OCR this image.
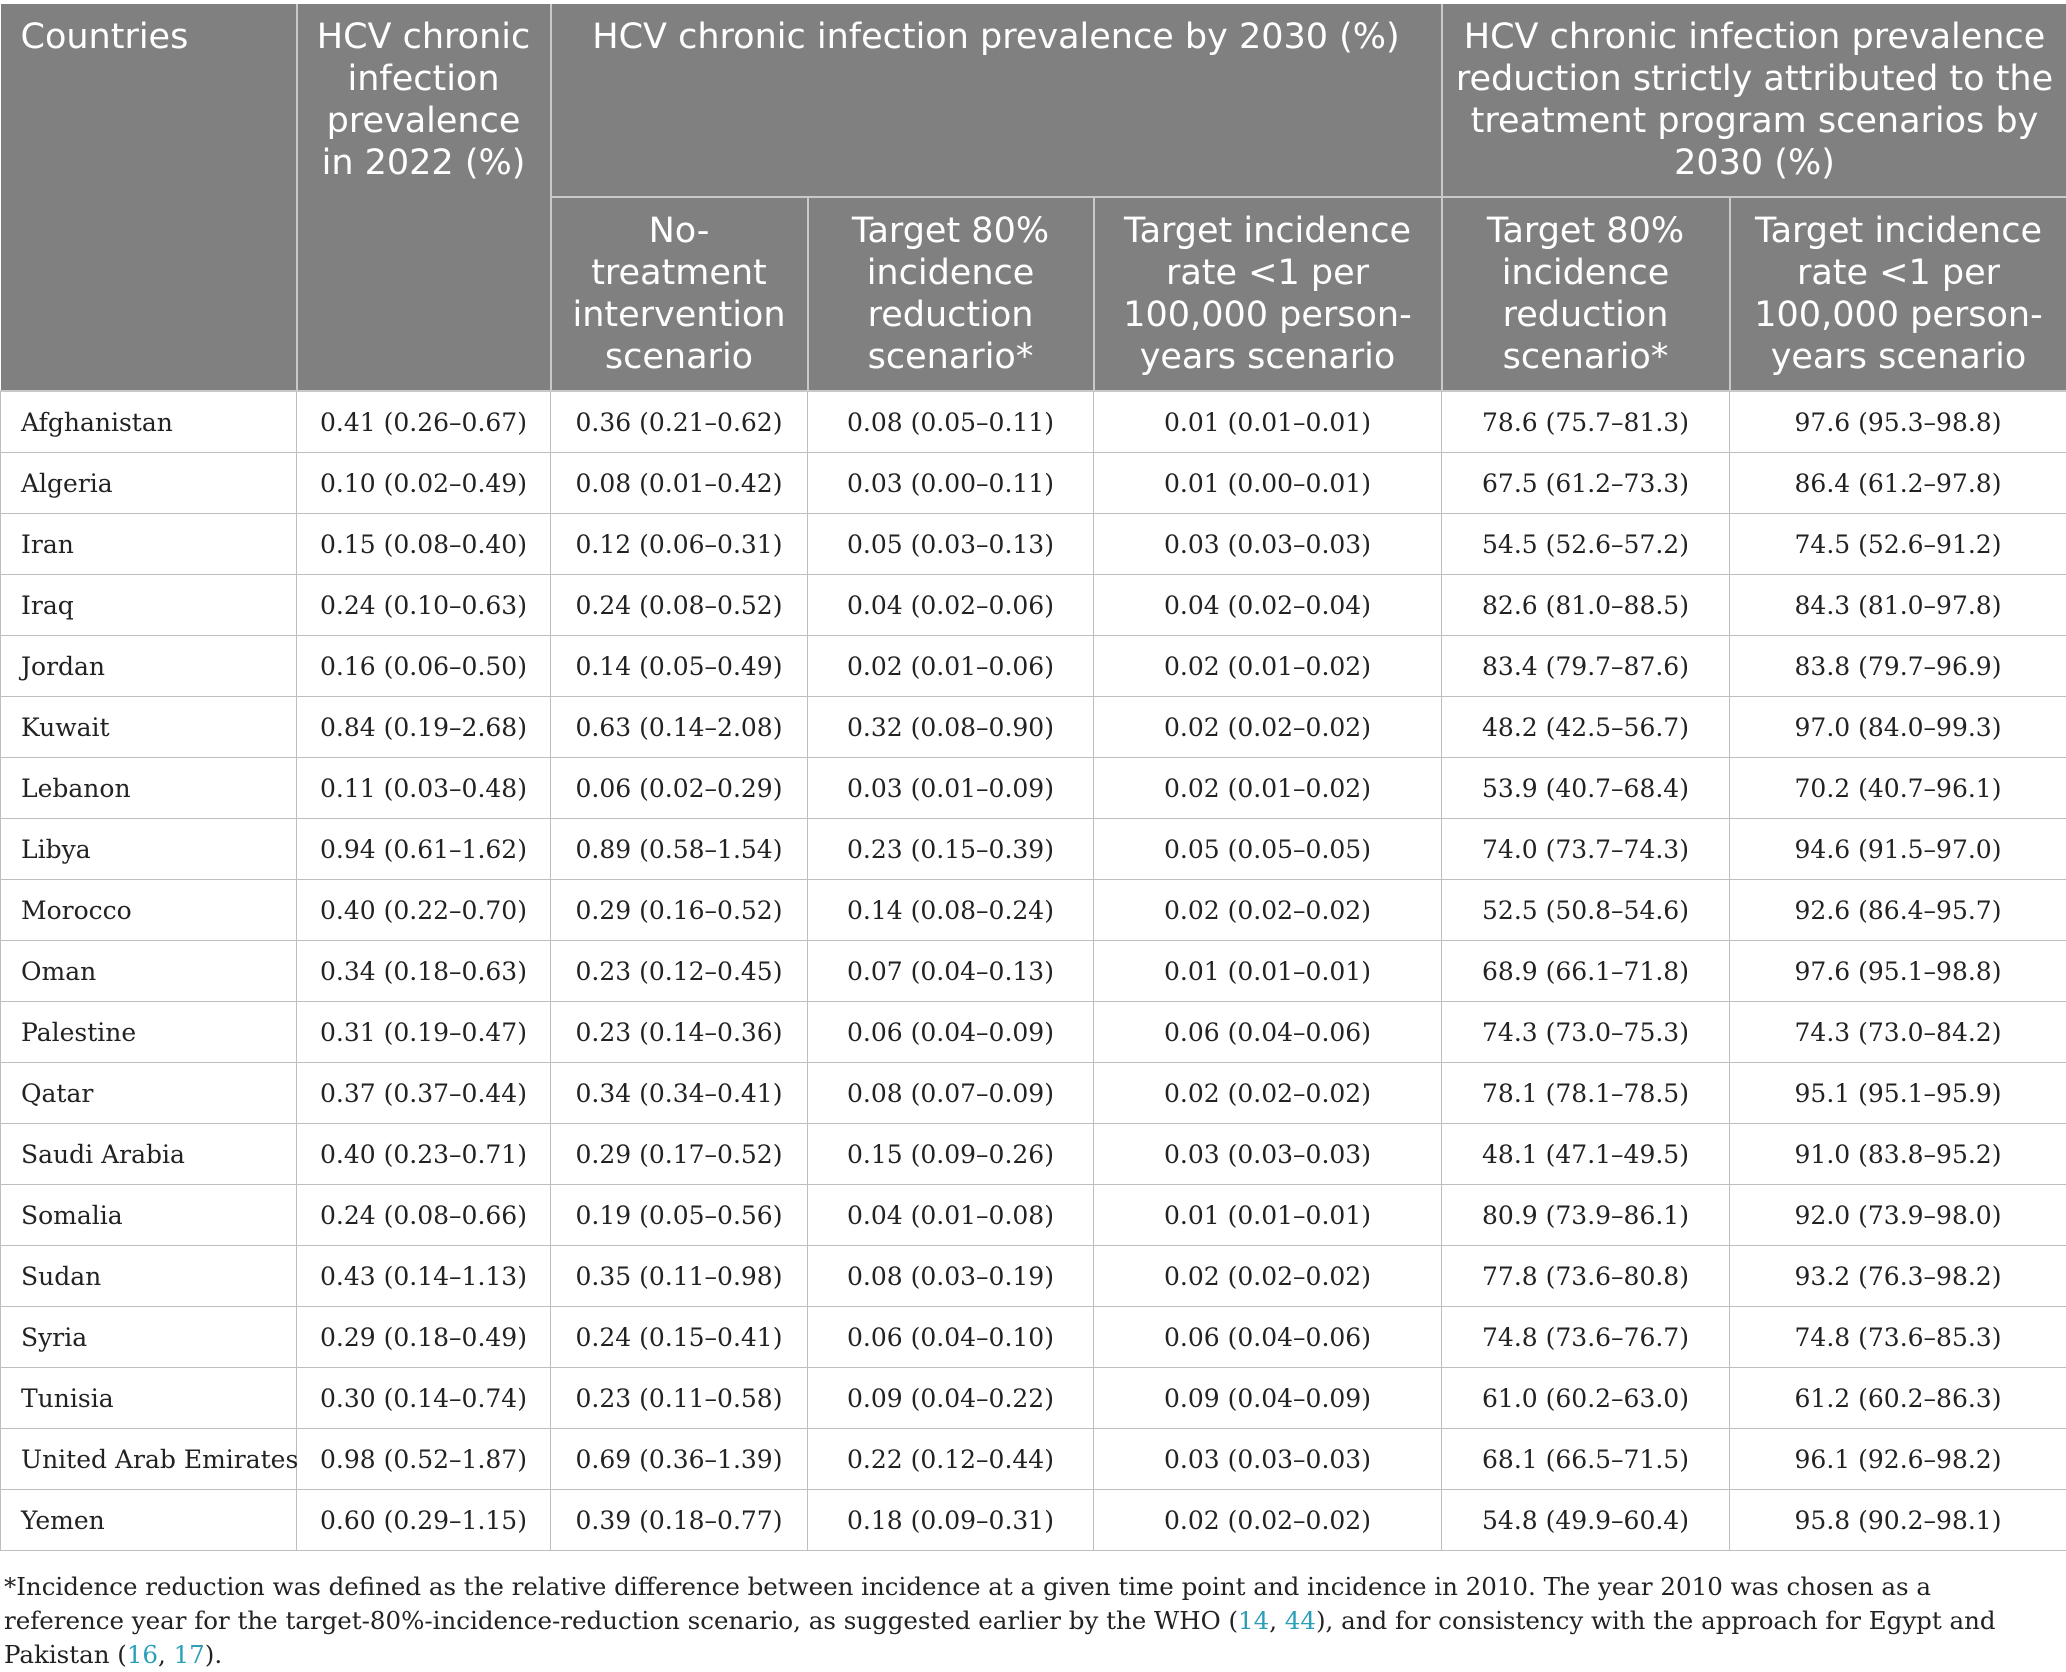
Countries	HCV chronic infection prevalence in 2022 (%)	HCV chronic infection prevalence by 2030 (%)			HCV chronic infection prevalence reduction strictly attributed to the treatment program scenarios by 2030 (%)	
		No-treatment intervention scenario	Target 80% incidence reduction scenario*	Target incidence rate <1 per 100,000 person-years scenario	Target 80% incidence reduction scenario*	Target incidence rate <1 per 100,000 person-years scenario
Afghanistan	0.41 (0.26–0.67)	0.36 (0.21–0.62)	0.08 (0.05–0.11)	0.01 (0.01–0.01)	78.6 (75.7–81.3)	97.6 (95.3–98.8)
Algeria	0.10 (0.02–0.49)	0.08 (0.01–0.42)	0.03 (0.00–0.11)	0.01 (0.00–0.01)	67.5 (61.2–73.3)	86.4 (61.2–97.8)
Iran	0.15 (0.08–0.40)	0.12 (0.06–0.31)	0.05 (0.03–0.13)	0.03 (0.03–0.03)	54.5 (52.6–57.2)	74.5 (52.6–91.2)
Iraq	0.24 (0.10–0.63)	0.24 (0.08–0.52)	0.04 (0.02–0.06)	0.04 (0.02–0.04)	82.6 (81.0–88.5)	84.3 (81.0–97.8)
Jordan	0.16 (0.06–0.50)	0.14 (0.05–0.49)	0.02 (0.01–0.06)	0.02 (0.01–0.02)	83.4 (79.7–87.6)	83.8 (79.7–96.9)
Kuwait	0.84 (0.19–2.68)	0.63 (0.14–2.08)	0.32 (0.08–0.90)	0.02 (0.02–0.02)	48.2 (42.5–56.7)	97.0 (84.0–99.3)
Lebanon	0.11 (0.03–0.48)	0.06 (0.02–0.29)	0.03 (0.01–0.09)	0.02 (0.01–0.02)	53.9 (40.7–68.4)	70.2 (40.7–96.1)
Libya	0.94 (0.61–1.62)	0.89 (0.58–1.54)	0.23 (0.15–0.39)	0.05 (0.05–0.05)	74.0 (73.7–74.3)	94.6 (91.5–97.0)
Morocco	0.40 (0.22–0.70)	0.29 (0.16–0.52)	0.14 (0.08–0.24)	0.02 (0.02–0.02)	52.5 (50.8–54.6)	92.6 (86.4–95.7)
Oman	0.34 (0.18–0.63)	0.23 (0.12–0.45)	0.07 (0.04–0.13)	0.01 (0.01–0.01)	68.9 (66.1–71.8)	97.6 (95.1–98.8)
Palestine	0.31 (0.19–0.47)	0.23 (0.14–0.36)	0.06 (0.04–0.09)	0.06 (0.04–0.06)	74.3 (73.0–75.3)	74.3 (73.0–84.2)
Qatar	0.37 (0.37–0.44)	0.34 (0.34–0.41)	0.08 (0.07–0.09)	0.02 (0.02–0.02)	78.1 (78.1–78.5)	95.1 (95.1–95.9)
Saudi Arabia	0.40 (0.23–0.71)	0.29 (0.17–0.52)	0.15 (0.09–0.26)	0.03 (0.03–0.03)	48.1 (47.1–49.5)	91.0 (83.8–95.2)
Somalia	0.24 (0.08–0.66)	0.19 (0.05–0.56)	0.04 (0.01–0.08)	0.01 (0.01–0.01)	80.9 (73.9–86.1)	92.0 (73.9–98.0)
Sudan	0.43 (0.14–1.13)	0.35 (0.11–0.98)	0.08 (0.03–0.19)	0.02 (0.02–0.02)	77.8 (73.6–80.8)	93.2 (76.3–98.2)
Syria	0.29 (0.18–0.49)	0.24 (0.15–0.41)	0.06 (0.04–0.10)	0.06 (0.04–0.06)	74.8 (73.6–76.7)	74.8 (73.6–85.3)
Tunisia	0.30 (0.14–0.74)	0.23 (0.11–0.58)	0.09 (0.04–0.22)	0.09 (0.04–0.09)	61.0 (60.2–63.0)	61.2 (60.2–86.3)
United Arab Emirates	0.98 (0.52–1.87)	0.69 (0.36–1.39)	0.22 (0.12–0.44)	0.03 (0.03–0.03)	68.1 (66.5–71.5)	96.1 (92.6–98.2)
Yemen	0.60 (0.29–1.15)	0.39 (0.18–0.77)	0.18 (0.09–0.31)	0.02 (0.02–0.02)	54.8 (49.9–60.4)	95.8 (90.2–98.1)
*Incidence reduction was defined as the relative difference between incidence at a given time point and incidence in 2010. The year 2010 was chosen as a reference year for the target-80%-incidence-reduction scenario, as suggested earlier by the WHO (14, 44), and for consistency with the approach for Egypt and Pakistan (16, 17).
